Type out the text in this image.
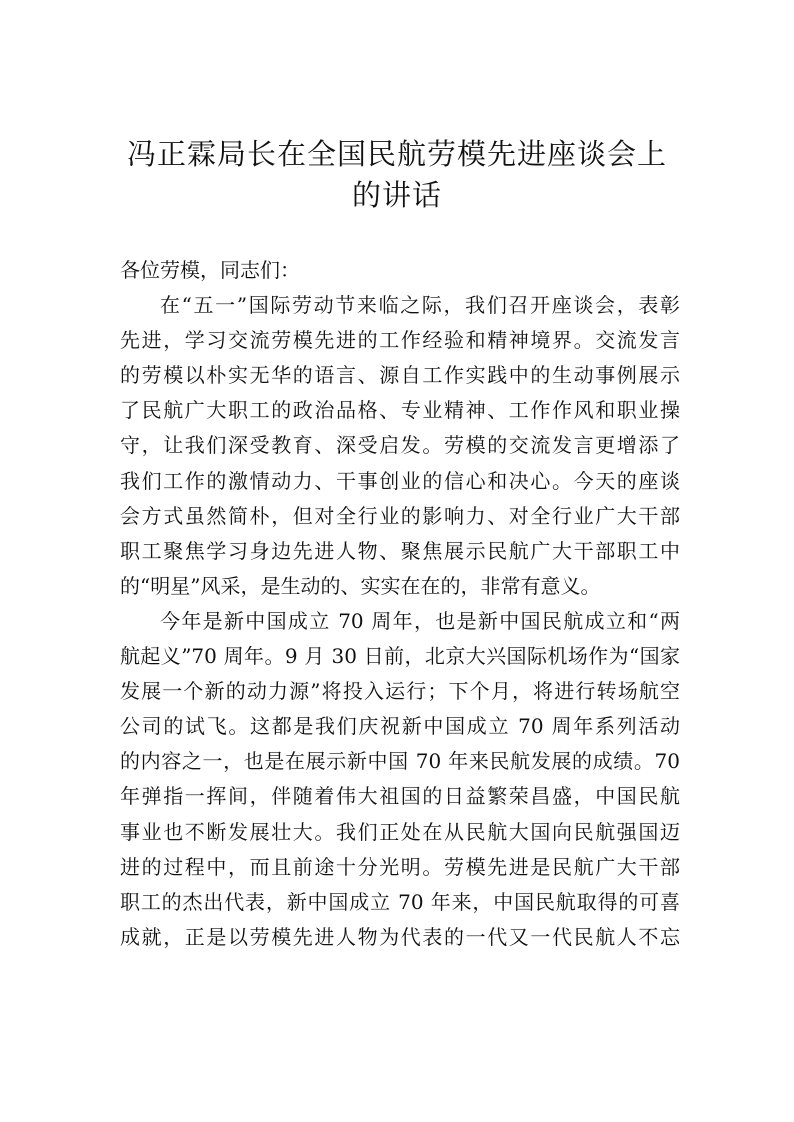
冯正霖局长在全国民航劳模先进座谈会上
的讲话
各位劳模，同志们：
在“五一”国际劳动节来临之际，我们召开座谈会，表彰
先进，学习交流劳模先进的工作经验和精神境界。交流发言
的劳模以朴实无华的语言、源自工作实践中的生动事例展示
了民航广大职工的政治品格、专业精神、工作作风和职业操
守，让我们深受教育、深受启发。劳模的交流发言更增添了
我们工作的激情动力、干事创业的信心和决心。今天的座谈
会方式虽然简朴，但对全行业的影响力、对全行业广大干部
职工聚焦学习身边先进人物、聚焦展示民航广大干部职工中
的“明星”风采，是生动的、实实在在的，非常有意义。
今年是新中国成立 70 周年，也是新中国民航成立和“两
航起义”70 周年。9 月 30 日前，北京大兴国际机场作为“国家
发展一个新的动力源”将投入运行；下个月，将进行转场航空
公司的试飞。这都是我们庆祝新中国成立 70 周年系列活动
的内容之一，也是在展示新中国 70 年来民航发展的成绩。70
年弹指一挥间，伴随着伟大祖国的日益繁荣昌盛，中国民航
事业也不断发展壮大。我们正处在从民航大国向民航强国迈
进的过程中，而且前途十分光明。劳模先进是民航广大干部
职工的杰出代表，新中国成立 70 年来，中国民航取得的可喜
成就，正是以劳模先进人物为代表的一代又一代民航人不忘
